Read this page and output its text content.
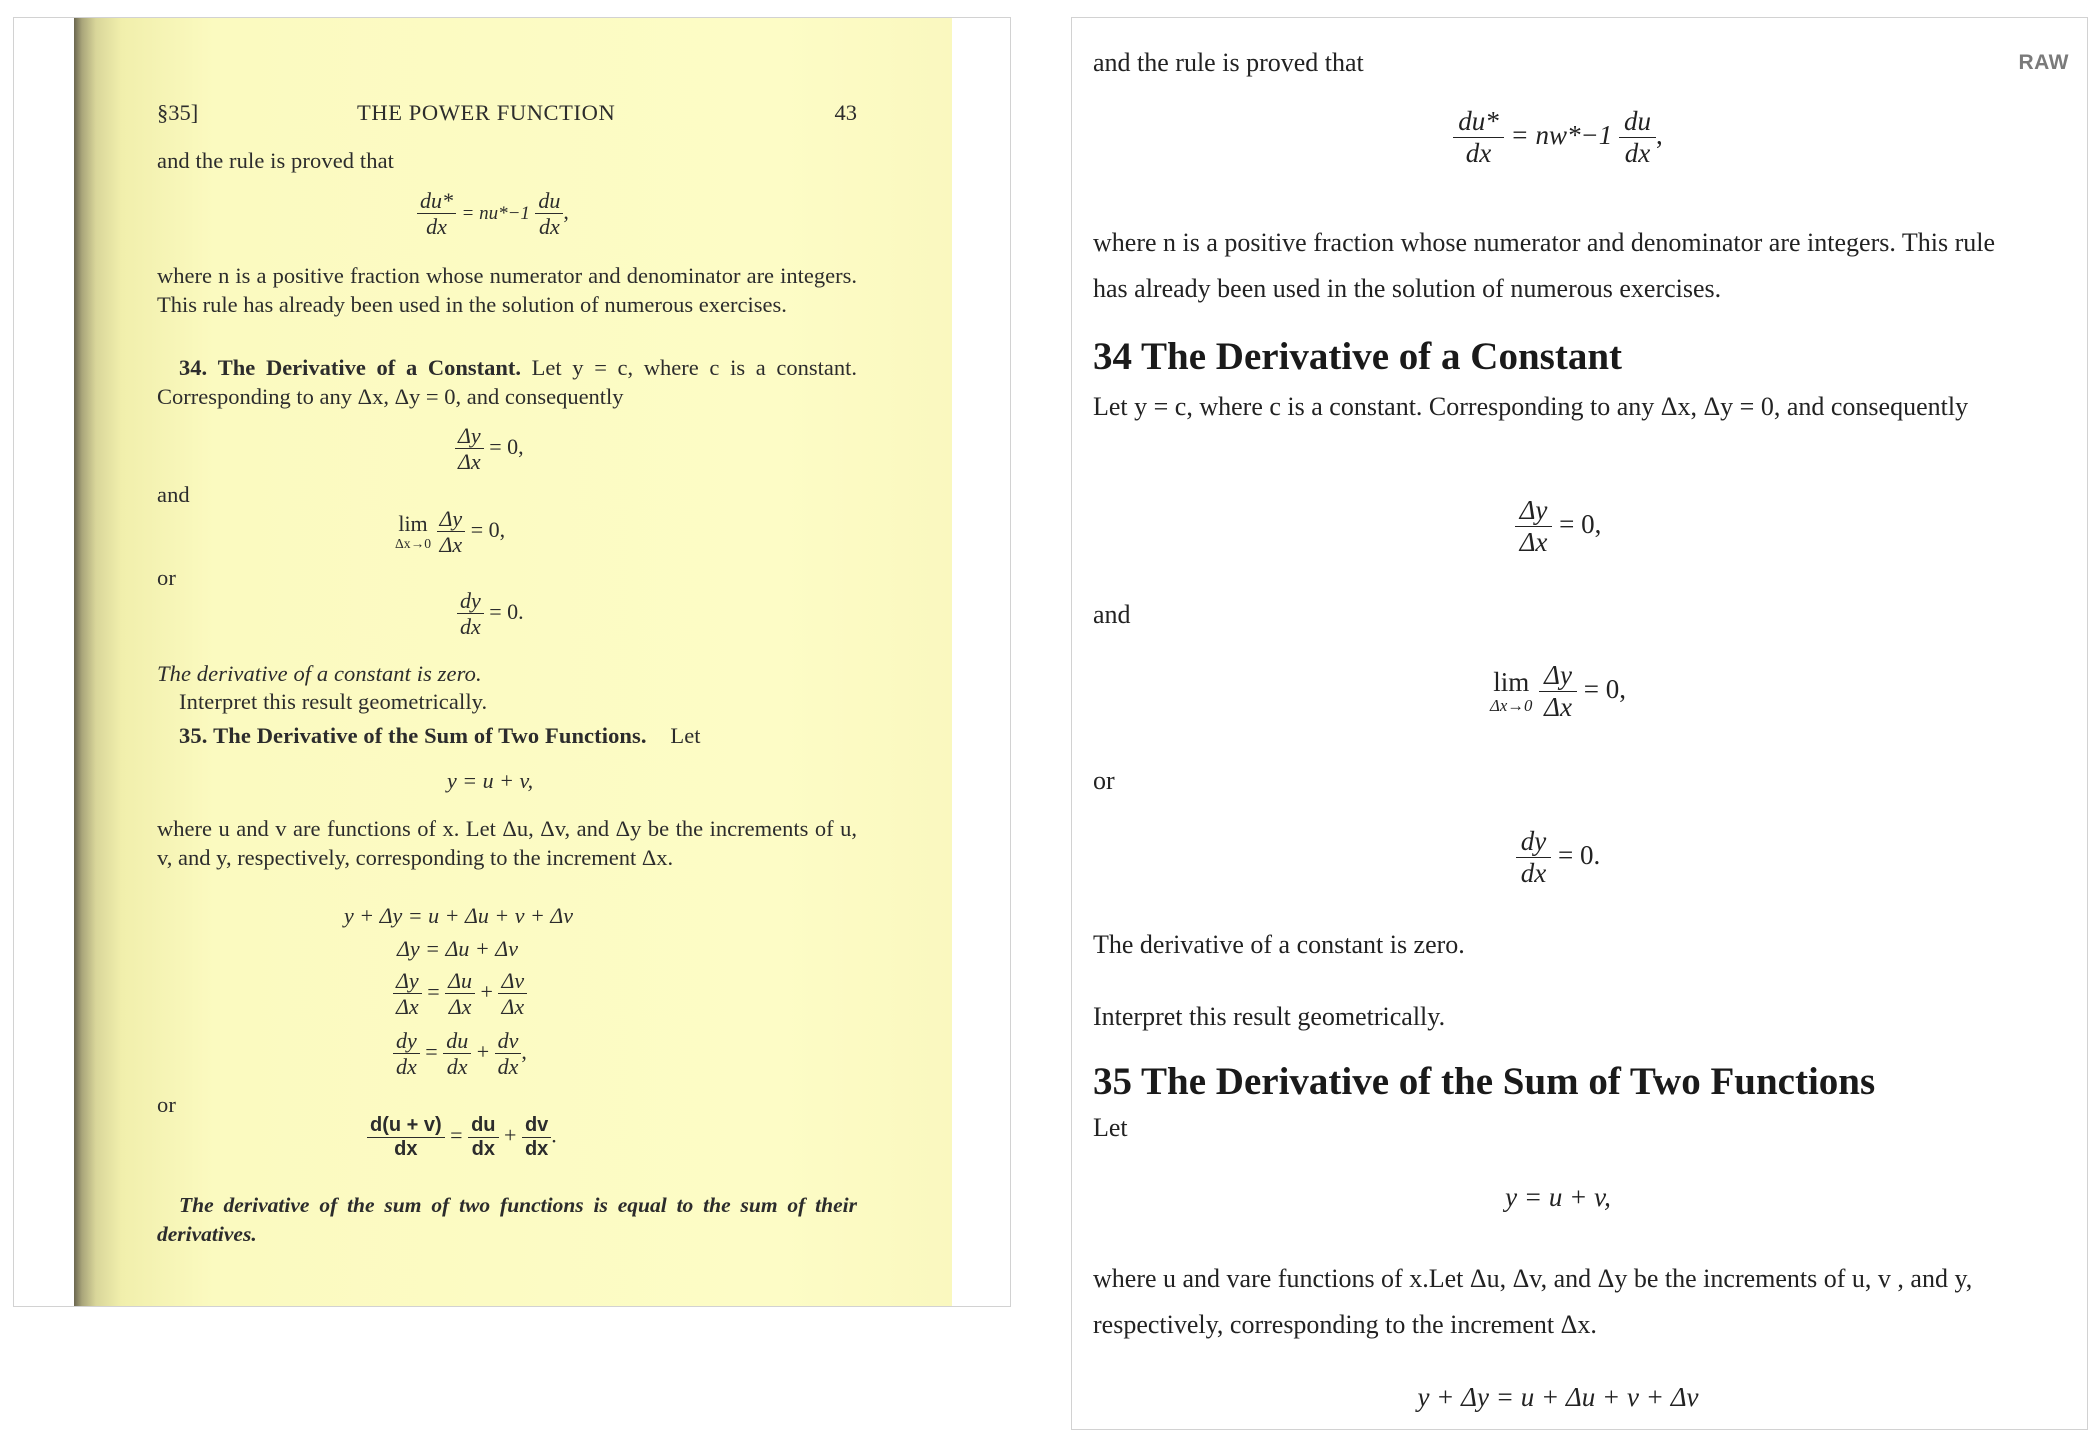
§35]	THE POWER FUNCTION	43
and the rule is proved that
$\frac{du*}{dx} = nu*-1 \frac{du}{dx}$ ,
where n is a positive fraction whose numerator and denominator are integers. This rule has already been used in the solution of numerous exercises.
34. The Derivative of a Constant. Let y = c, where c is a constant. Corresponding to any Δx, Δy = 0, and consequently
$\frac{\Delta y}{\Delta x} = 0$,
and
lim
Δx→0
$\frac{\Delta y}{\Delta x} = 0$,
or
$\frac{dy}{dx} = 0$.
The derivative of a constant is zero.
Interpret this result geometrically.
35. The Derivative of the Sum of Two Functions. Let
y = u + v,
where u and v are functions of x. Let Δu, Δv, and Δy be the increments of u, v, and y, respectively, corresponding to the increment Δx.
y + Δy = u + Δu + v + Δv
Δy = Δu + Δv
$\frac{\Delta y}{\Delta x} = \frac{\Delta u}{\Delta x} + \frac{\Delta v}{\Delta x}$
$\frac{dy}{dx} = \frac{du}{dx} + \frac{dv}{dx}$ ,
or
$\frac{d(u + v)}{dx} = \frac{du}{dx} + \frac{dv}{dx}$ .
The derivative of the sum of two functions is equal to the sum of their derivatives.
RAW
and the rule is proved that
$\frac{du*}{dx} = nw*-1 \frac{du}{dx}$ ,
where n is a positive fraction whose numerator and denominator are integers. This rule has already been used in the solution of numerous exercises.
34 The Derivative of a Constant
Let y = c, where c is a constant. Corresponding to any Δx, Δy = 0, and consequently
$\frac{\Delta y}{\Delta x} = 0$,
and
lim
Δx→0
$\frac{\Delta y}{\Delta x} = 0$,
or
$\frac{dy}{dx} = 0$.
The derivative of a constant is zero.
Interpret this result geometrically.
35 The Derivative of the Sum of Two Functions
Let
y = u + v,
where u and vare functions of x.Let Δu, Δv, and Δy be the increments of u, v , and y, respectively, corresponding to the increment Δx.
y + Δy = u + Δu + v + Δv
